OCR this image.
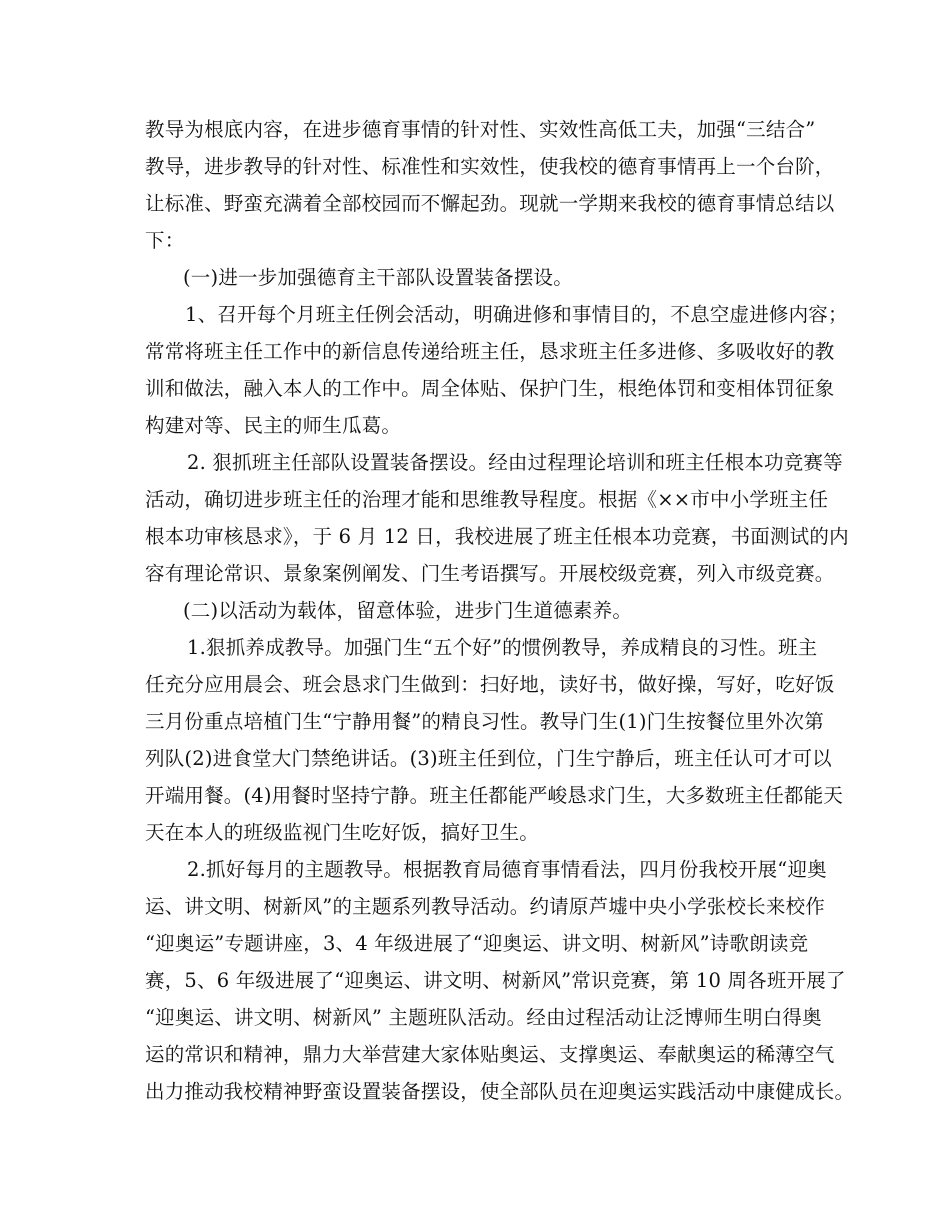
教导为根底内容，在进步德育事情的针对性、实效性高低工夫，加强“三结合”
教导，进步教导的针对性、标准性和实效性，使我校的德育事情再上一个台阶，
让标准、野蛮充满着全部校园而不懈起劲。现就一学期来我校的德育事情总结以
下：
(一)进一步加强德育主干部队设置装备摆设。
1、召开每个月班主任例会活动，明确进修和事情目的，不息空虚进修内容；
常常将班主任工作中的新信息传递给班主任，恳求班主任多进修、多吸收好的教
训和做法，融入本人的工作中。周全体贴、保护门生，根绝体罚和变相体罚征象
构建对等、民主的师生瓜葛。
2. 狠抓班主任部队设置装备摆设。经由过程理论培训和班主任根本功竞赛等
活动，确切进步班主任的治理才能和思维教导程度。根据《××市中小学班主任
根本功审核恳求》，于 6 月 12 日，我校进展了班主任根本功竞赛，书面测试的内
容有理论常识、景象案例阐发、门生考语撰写。开展校级竞赛，列入市级竞赛。
(二)以活动为载体，留意体验，进步门生道德素养。
1.狠抓养成教导。加强门生“五个好”的惯例教导，养成精良的习性。班主
任充分应用晨会、班会恳求门生做到：扫好地，读好书，做好操，写好，吃好饭
三月份重点培植门生“宁静用餐”的精良习性。教导门生(1)门生按餐位里外次第
列队(2)进食堂大门禁绝讲话。(3)班主任到位，门生宁静后，班主任认可才可以
开端用餐。(4)用餐时坚持宁静。班主任都能严峻恳求门生，大多数班主任都能天
天在本人的班级监视门生吃好饭，搞好卫生。
2.抓好每月的主题教导。根据教育局德育事情看法，四月份我校开展“迎奥
运、讲文明、树新风”的主题系列教导活动。约请原芦墟中央小学张校长来校作
“迎奥运”专题讲座，3、4 年级进展了“迎奥运、讲文明、树新风”诗歌朗读竞
赛，5、6 年级进展了“迎奥运、讲文明、树新风”常识竞赛，第 10 周各班开展了
“迎奥运、讲文明、树新风” 主题班队活动。经由过程活动让泛博师生明白得奥
运的常识和精神，鼎力大举营建大家体贴奥运、支撑奥运、奉献奥运的稀薄空气
出力推动我校精神野蛮设置装备摆设，使全部队员在迎奥运实践活动中康健成长。
